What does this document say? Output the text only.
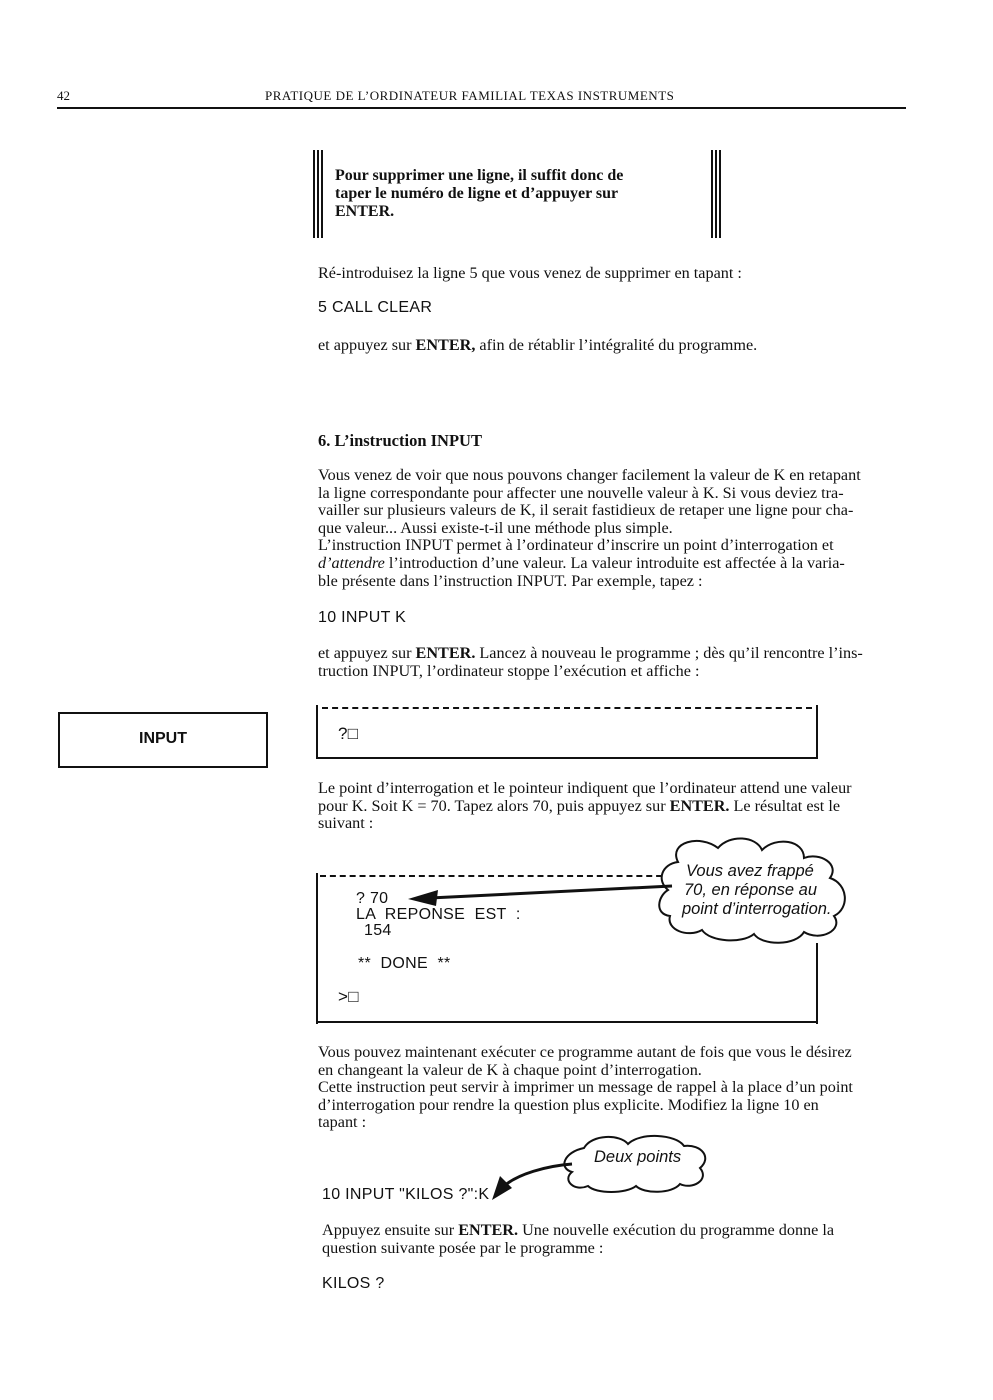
42	PRATIQUE DE L’ORDINATEUR FAMILIAL TEXAS INSTRUMENTS
Pour supprimer une ligne, il suffit donc de
taper le numéro de ligne et d’appuyer sur
ENTER.
Ré-introduisez la ligne 5 que vous venez de supprimer en tapant :
5 CALL CLEAR
et appuyez sur ENTER, afin de rétablir l’intégralité du programme.
6. L’instruction INPUT
Vous venez de voir que nous pouvons changer facilement la valeur de K en retapant
la ligne correspondante pour affecter une nouvelle valeur à K. Si vous deviez tra-
vailler sur plusieurs valeurs de K, il serait fastidieux de retaper une ligne pour cha-
que valeur... Aussi existe-t-il une méthode plus simple.
L’instruction INPUT permet à l’ordinateur d’inscrire un point d’interrogation et
d’attendre l’introduction d’une valeur. La valeur introduite est affectée à la varia-
ble présente dans l’instruction INPUT. Par exemple, tapez :
10 INPUT K
et appuyez sur ENTER. Lancez à nouveau le programme ; dès qu’il rencontre l’ins-
truction INPUT, l’ordinateur stoppe l’exécution et affiche :
INPUT	?□
Le point d’interrogation et le pointeur indiquent que l’ordinateur attend une valeur
pour K. Soit K = 70. Tapez alors 70, puis appuyez sur ENTER. Le résultat est le
suivant :
? 70
LA  REPONSE  EST  :
154
**  DONE  **
>□
Vous avez frappé
70, en réponse au
point d’interrogation.
Vous pouvez maintenant exécuter ce programme autant de fois que vous le désirez
en changeant la valeur de K à chaque point d’interrogation.
Cette instruction peut servir à imprimer un message de rappel à la place d’un point
d’interrogation pour rendre la question plus explicite. Modifiez la ligne 10 en
tapant :
Deux points
10 INPUT "KILOS ?":K
Appuyez ensuite sur ENTER. Une nouvelle exécution du programme donne la
question suivante posée par le programme :
KILOS ?
